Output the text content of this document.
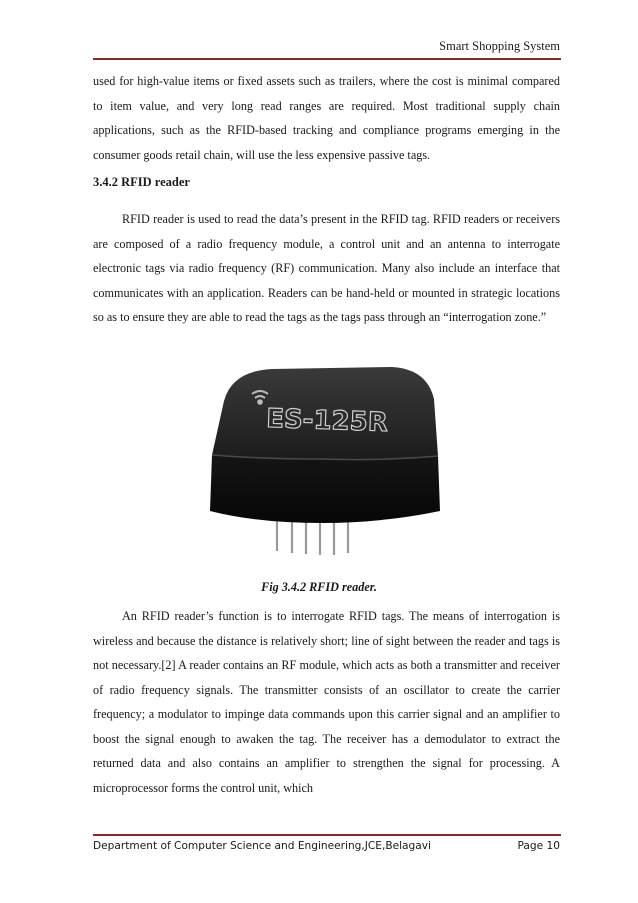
Smart Shopping System

used for high-value items or fixed assets such as trailers, where the cost is minimal compared to item value, and very long read ranges are required. Most traditional supply chain applications, such as the RFID-based tracking and compliance programs emerging in the consumer goods retail chain, will use the less expensive passive tags.

3.4.2 RFID reader

RFID reader is used to read the data’s present in the RFID tag. RFID readers or receivers are composed of a radio frequency module, a control unit and an antenna to interrogate electronic tags via radio frequency (RF) communication. Many also include an interface that communicates with an application. Readers can be hand-held or mounted in strategic locations so as to ensure they are able to read the tags as the tags pass through an “interrogation zone.”

ES-125R
Fig 3.4.2 RFID reader.

An RFID reader’s function is to interrogate RFID tags. The means of interrogation is wireless and because the distance is relatively short; line of sight between the reader and tags is not necessary.[2] A reader contains an RF module, which acts as both a transmitter and receiver of radio frequency signals. The transmitter consists of an oscillator to create the carrier frequency; a modulator to impinge data commands upon this carrier signal and an amplifier to boost the signal enough to awaken the tag. The receiver has a demodulator to extract the returned data and also contains an amplifier to strengthen the signal for processing. A microprocessor forms the control unit, which

Department of Computer Science and Engineering,JCE,Belagavi	Page 10
